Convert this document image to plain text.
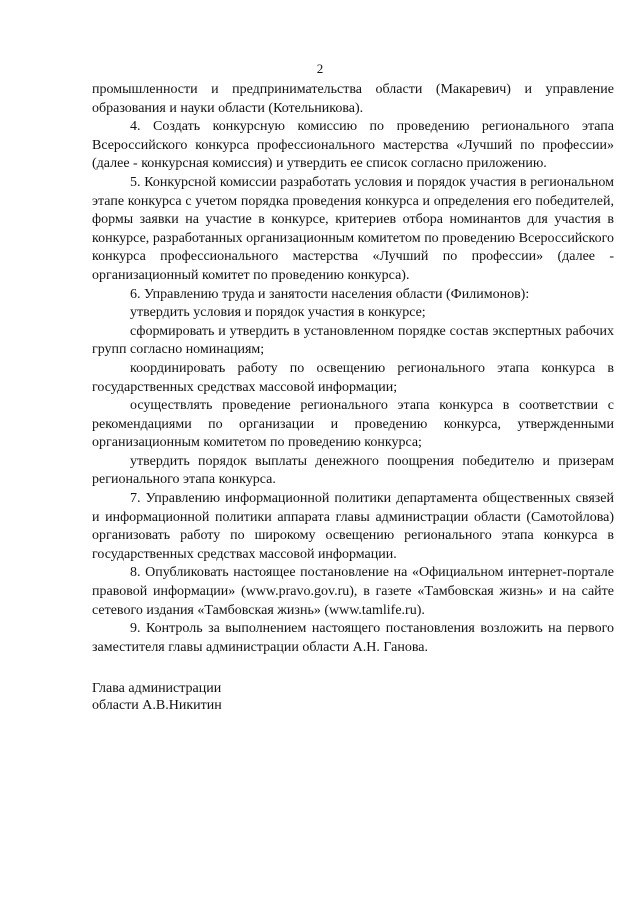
2

промышленности и предпринимательства области (Макаревич) и управление образования и науки области (Котельникова).

4. Создать конкурсную комиссию по проведению регионального этапа Всероссийского конкурса профессионального мастерства «Лучший по профессии» (далее - конкурсная комиссия) и утвердить ее список согласно приложению.

5. Конкурсной комиссии разработать условия и порядок участия в региональном этапе конкурса с учетом порядка проведения конкурса и определения его победителей, формы заявки на участие в конкурсе, критериев отбора номинантов для участия в конкурсе, разработанных организационным комитетом по проведению Всероссийского конкурса профессионального мастерства «Лучший по профессии» (далее - организационный комитет по проведению конкурса).

6. Управлению труда и занятости населения области (Филимонов):

утвердить условия и порядок участия в конкурсе;

сформировать и утвердить в установленном порядке состав экспертных рабочих групп согласно номинациям;

координировать работу по освещению регионального этапа конкурса в государственных средствах массовой информации;

осуществлять проведение регионального этапа конкурса в соответствии с рекомендациями по организации и проведению конкурса, утвержденными организационным комитетом по проведению конкурса;

утвердить порядок выплаты денежного поощрения победителю и призерам регионального этапа конкурса.

7. Управлению информационной политики департамента общественных связей и информационной политики аппарата главы администрации области (Самотойлова) организовать работу по широкому освещению регионального этапа конкурса в государственных средствах массовой информации.

8. Опубликовать настоящее постановление на «Официальном интернет-портале правовой информации» (www.pravo.gov.ru), в газете «Тамбовская жизнь» и на сайте сетевого издания «Тамбовская жизнь» (www.tamlife.ru).

9. Контроль за выполнением настоящего постановления возложить на первого заместителя главы администрации области А.Н. Ганова.

Глава администрации
области А.В.Никитин
